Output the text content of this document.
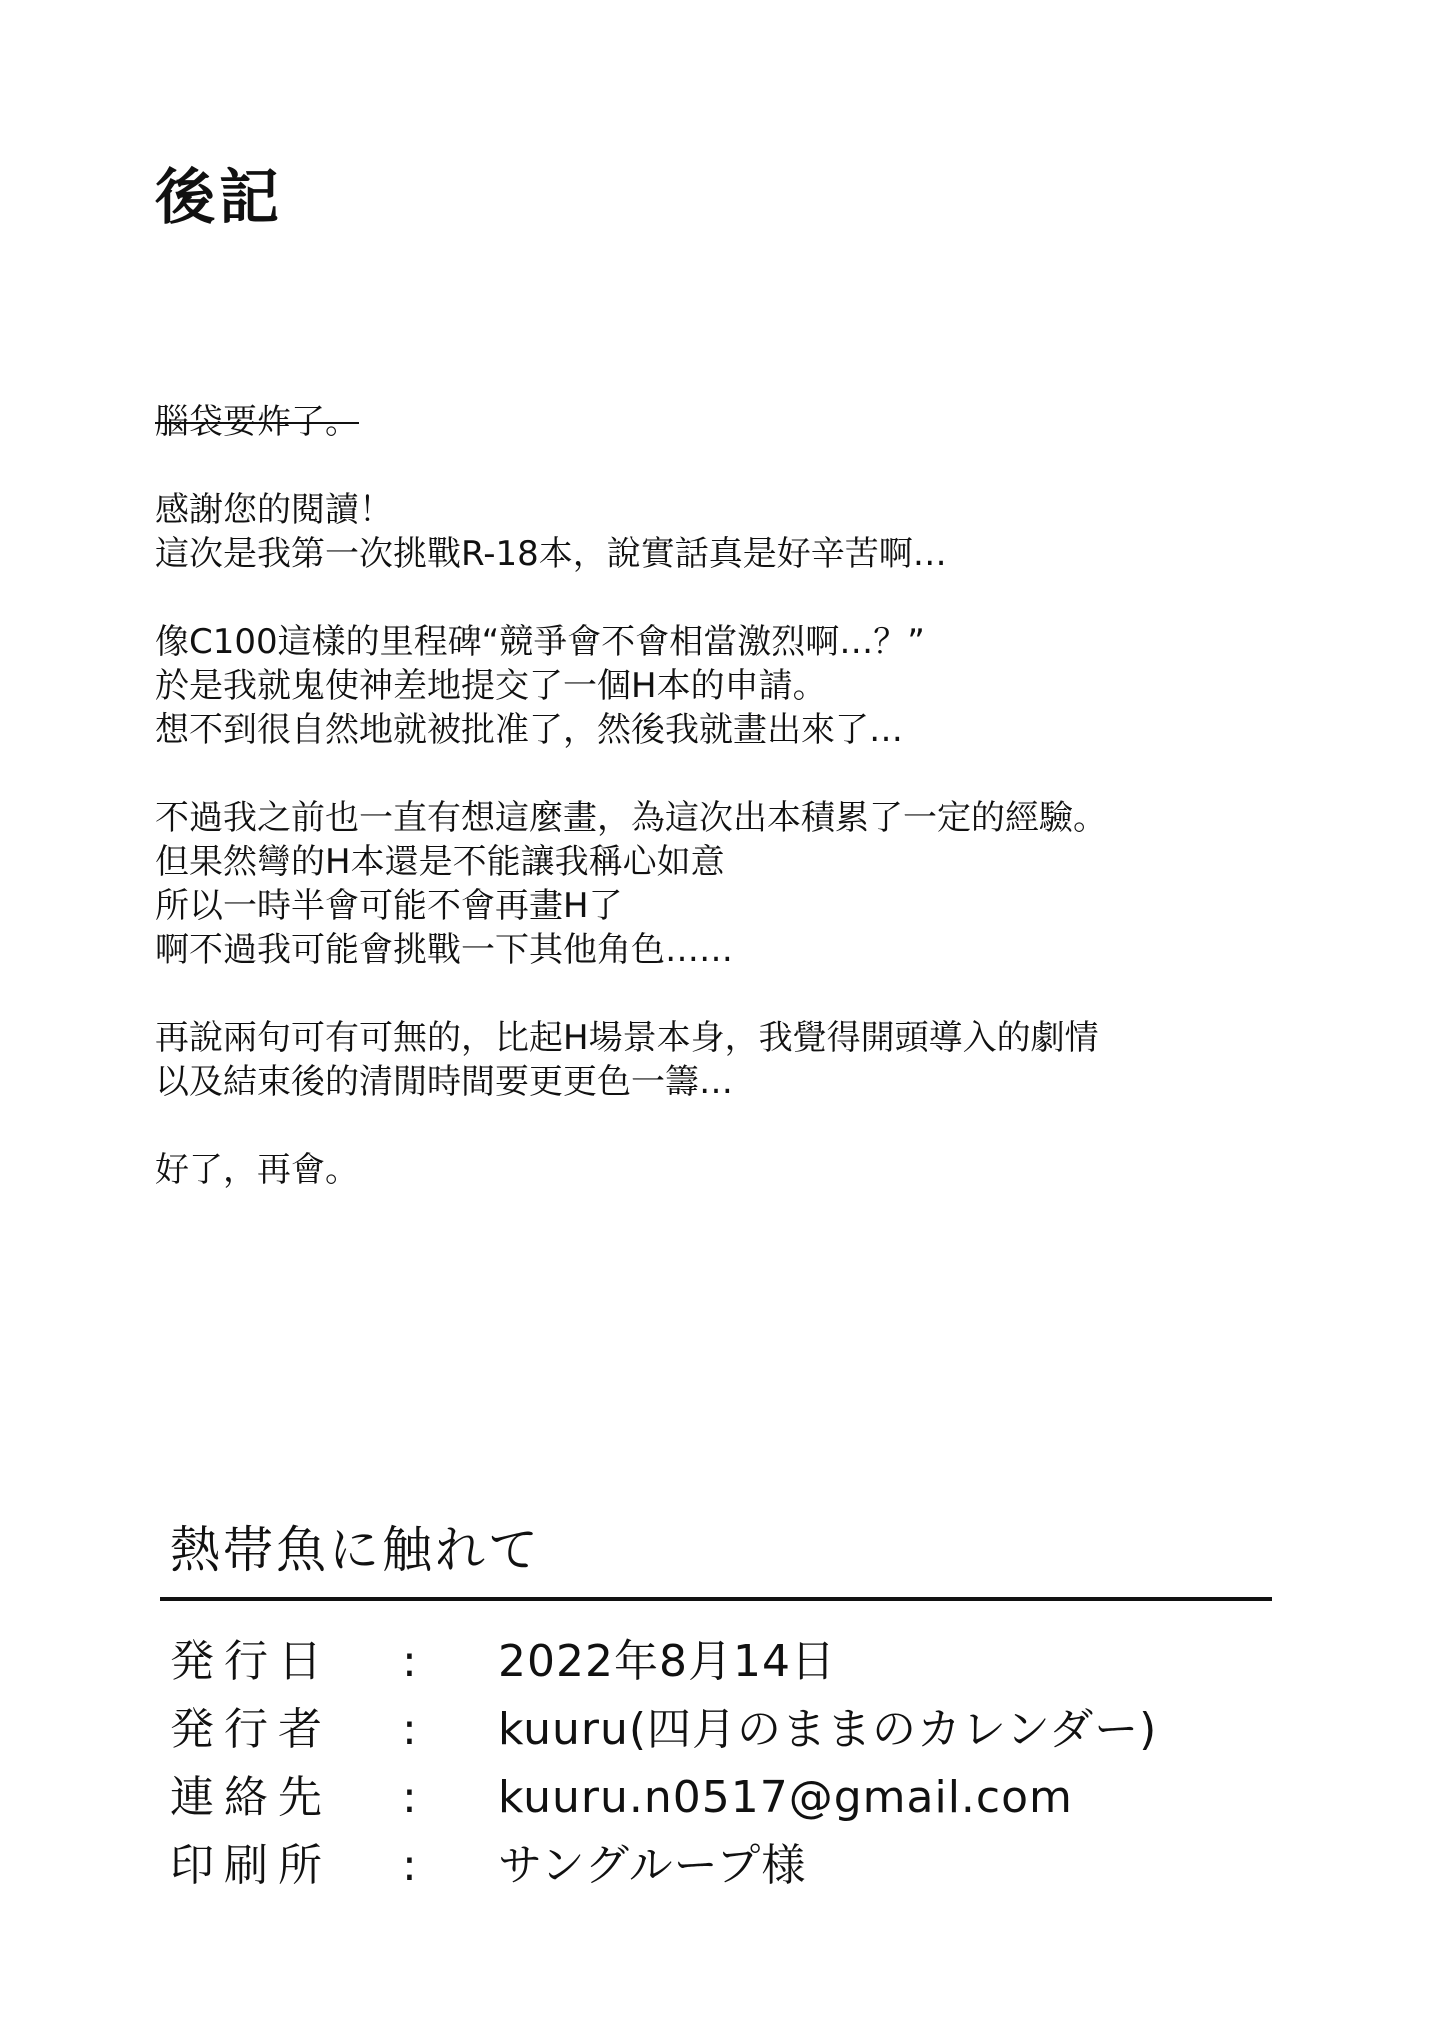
後記
腦袋要炸了。
感謝您的閱讀！
這次是我第一次挑戰R-18本，說實話真是好辛苦啊…
像C100這樣的里程碑“競爭會不會相當激烈啊…？”
於是我就鬼使神差地提交了一個H本的申請。
想不到很自然地就被批准了，然後我就畫出來了…
不過我之前也一直有想這麼畫，為這次出本積累了一定的經驗。
但果然彎的H本還是不能讓我稱心如意
所以一時半會可能不會再畫H了
啊不過我可能會挑戰一下其他角色……
再說兩句可有可無的，比起H場景本身，我覺得開頭導入的劇情
以及結束後的清閒時間要更更色一籌…
好了，再會。
熱帯魚に触れて
発行日 : 2022年8月14日
発行者 : kuuru(四月のままのカレンダー)
連絡先 : kuuru.n0517@gmail.com
印刷所 : サングループ様
